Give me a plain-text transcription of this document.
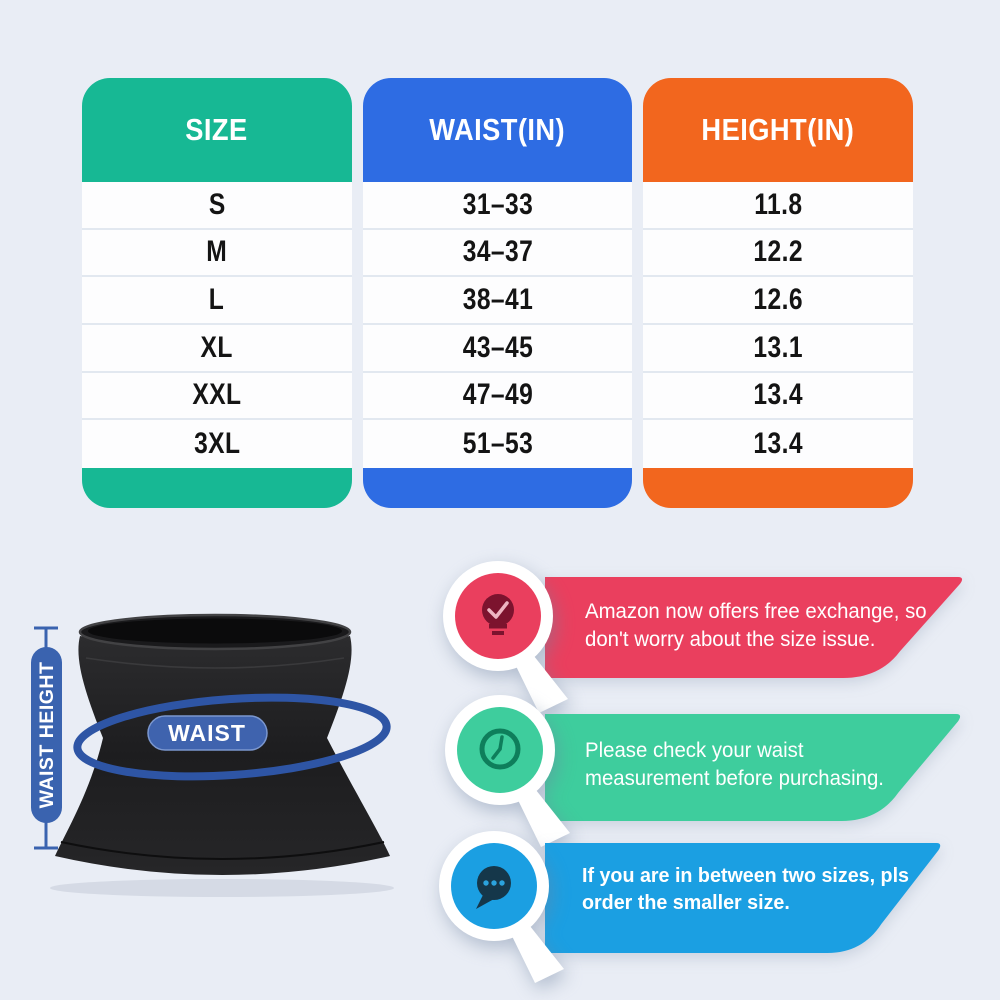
SIZE
S
M
L
XL
XXL
3XL
WAIST(IN)
31–33
34–37
38–41
43–45
47–49
51–53
HEIGHT(IN)
11.8
12.2
12.6
13.1
13.4
13.4
WAIST
WAIST HEIGHT
Amazon now offers free exchange, so don't worry about the size issue.
Please check your waist measurement before purchasing.
If you are in between two sizes, pls order the smaller size.
